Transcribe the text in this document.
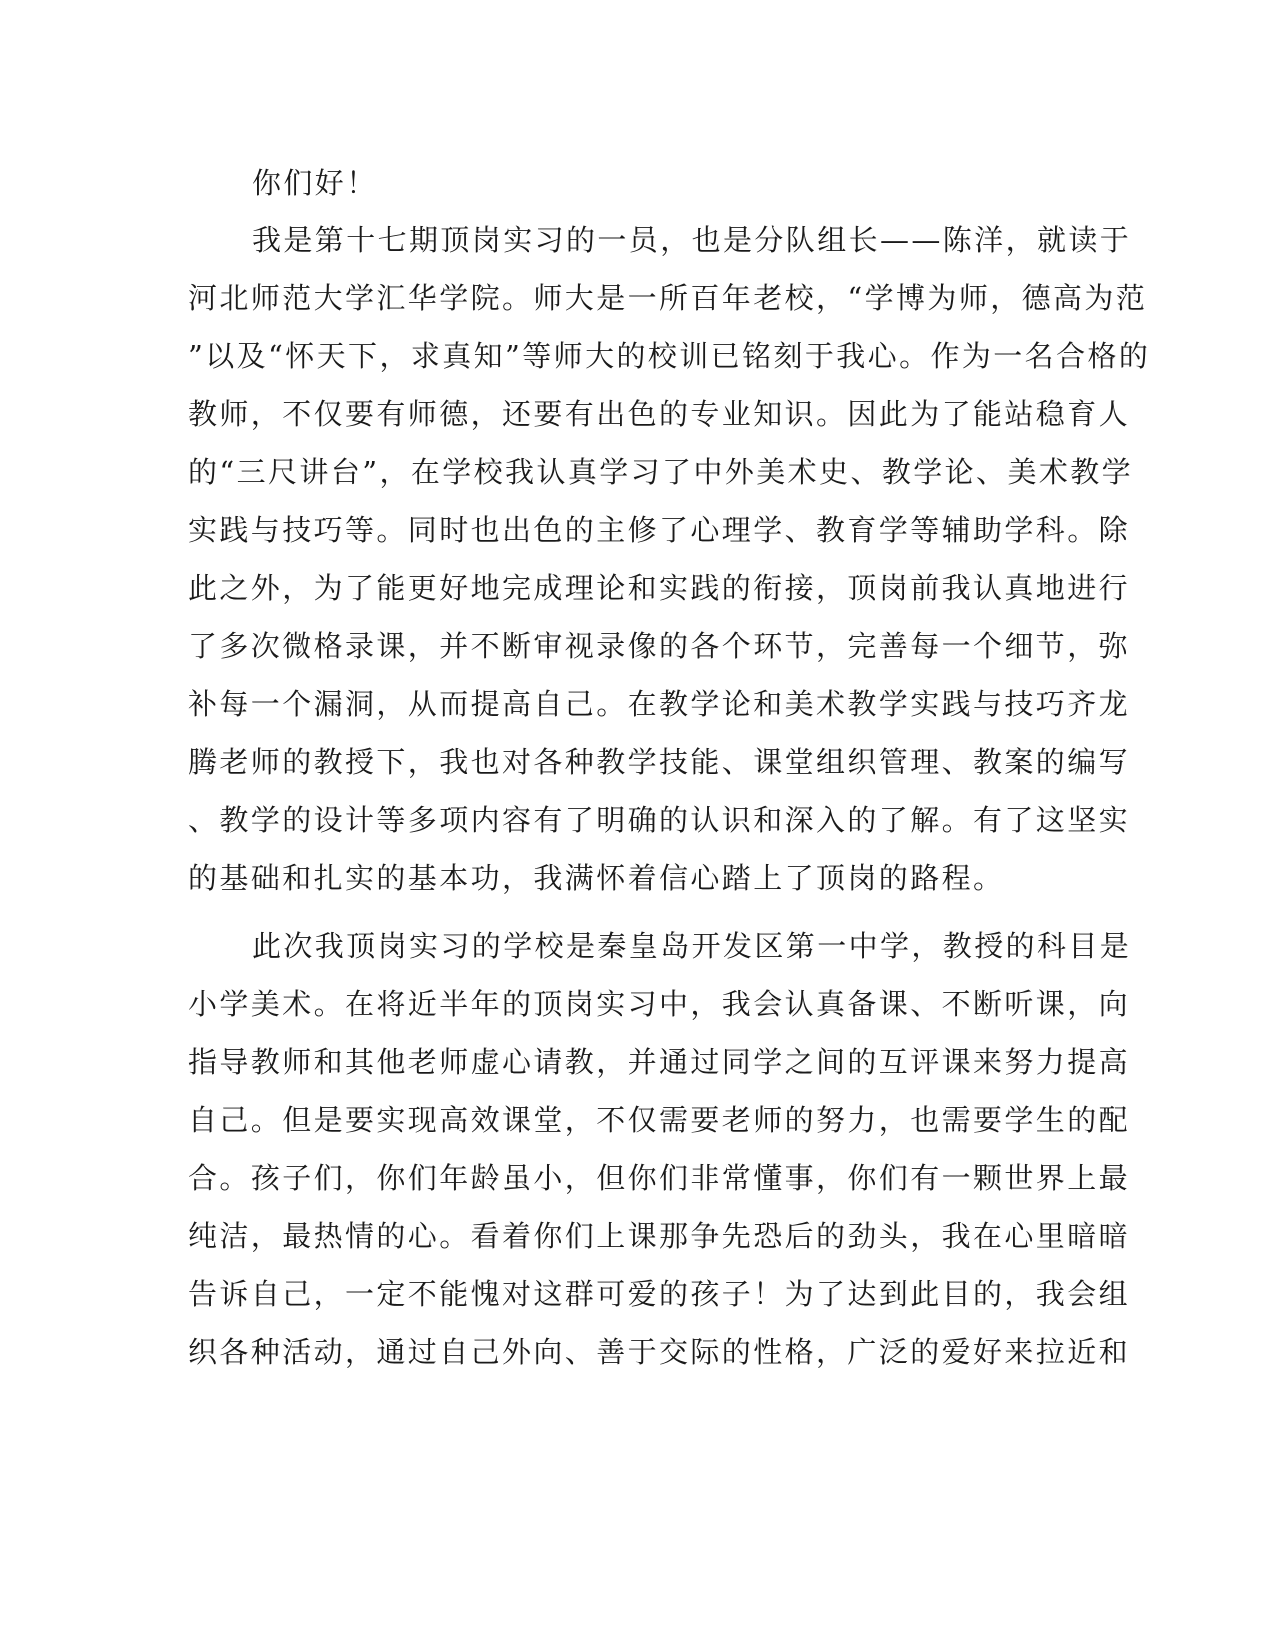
你们好！
我是第十七期顶岗实习的一员，也是分队组长——陈洋，就读于
河北师范大学汇华学院。师大是一所百年老校，“学博为师，德高为范
”以及“怀天下，求真知”等师大的校训已铭刻于我心。作为一名合格的
教师，不仅要有师德，还要有出色的专业知识。因此为了能站稳育人
的“三尺讲台”，在学校我认真学习了中外美术史、教学论、美术教学
实践与技巧等。同时也出色的主修了心理学、教育学等辅助学科。除
此之外，为了能更好地完成理论和实践的衔接，顶岗前我认真地进行
了多次微格录课，并不断审视录像的各个环节，完善每一个细节，弥
补每一个漏洞，从而提高自己。在教学论和美术教学实践与技巧齐龙
腾老师的教授下，我也对各种教学技能、课堂组织管理、教案的编写
、教学的设计等多项内容有了明确的认识和深入的了解。有了这坚实
的基础和扎实的基本功，我满怀着信心踏上了顶岗的路程。
此次我顶岗实习的学校是秦皇岛开发区第一中学，教授的科目是
小学美术。在将近半年的顶岗实习中，我会认真备课、不断听课，向
指导教师和其他老师虚心请教，并通过同学之间的互评课来努力提高
自己。但是要实现高效课堂，不仅需要老师的努力，也需要学生的配
合。孩子们，你们年龄虽小，但你们非常懂事，你们有一颗世界上最
纯洁，最热情的心。看着你们上课那争先恐后的劲头，我在心里暗暗
告诉自己，一定不能愧对这群可爱的孩子！为了达到此目的，我会组
织各种活动，通过自己外向、善于交际的性格，广泛的爱好来拉近和
